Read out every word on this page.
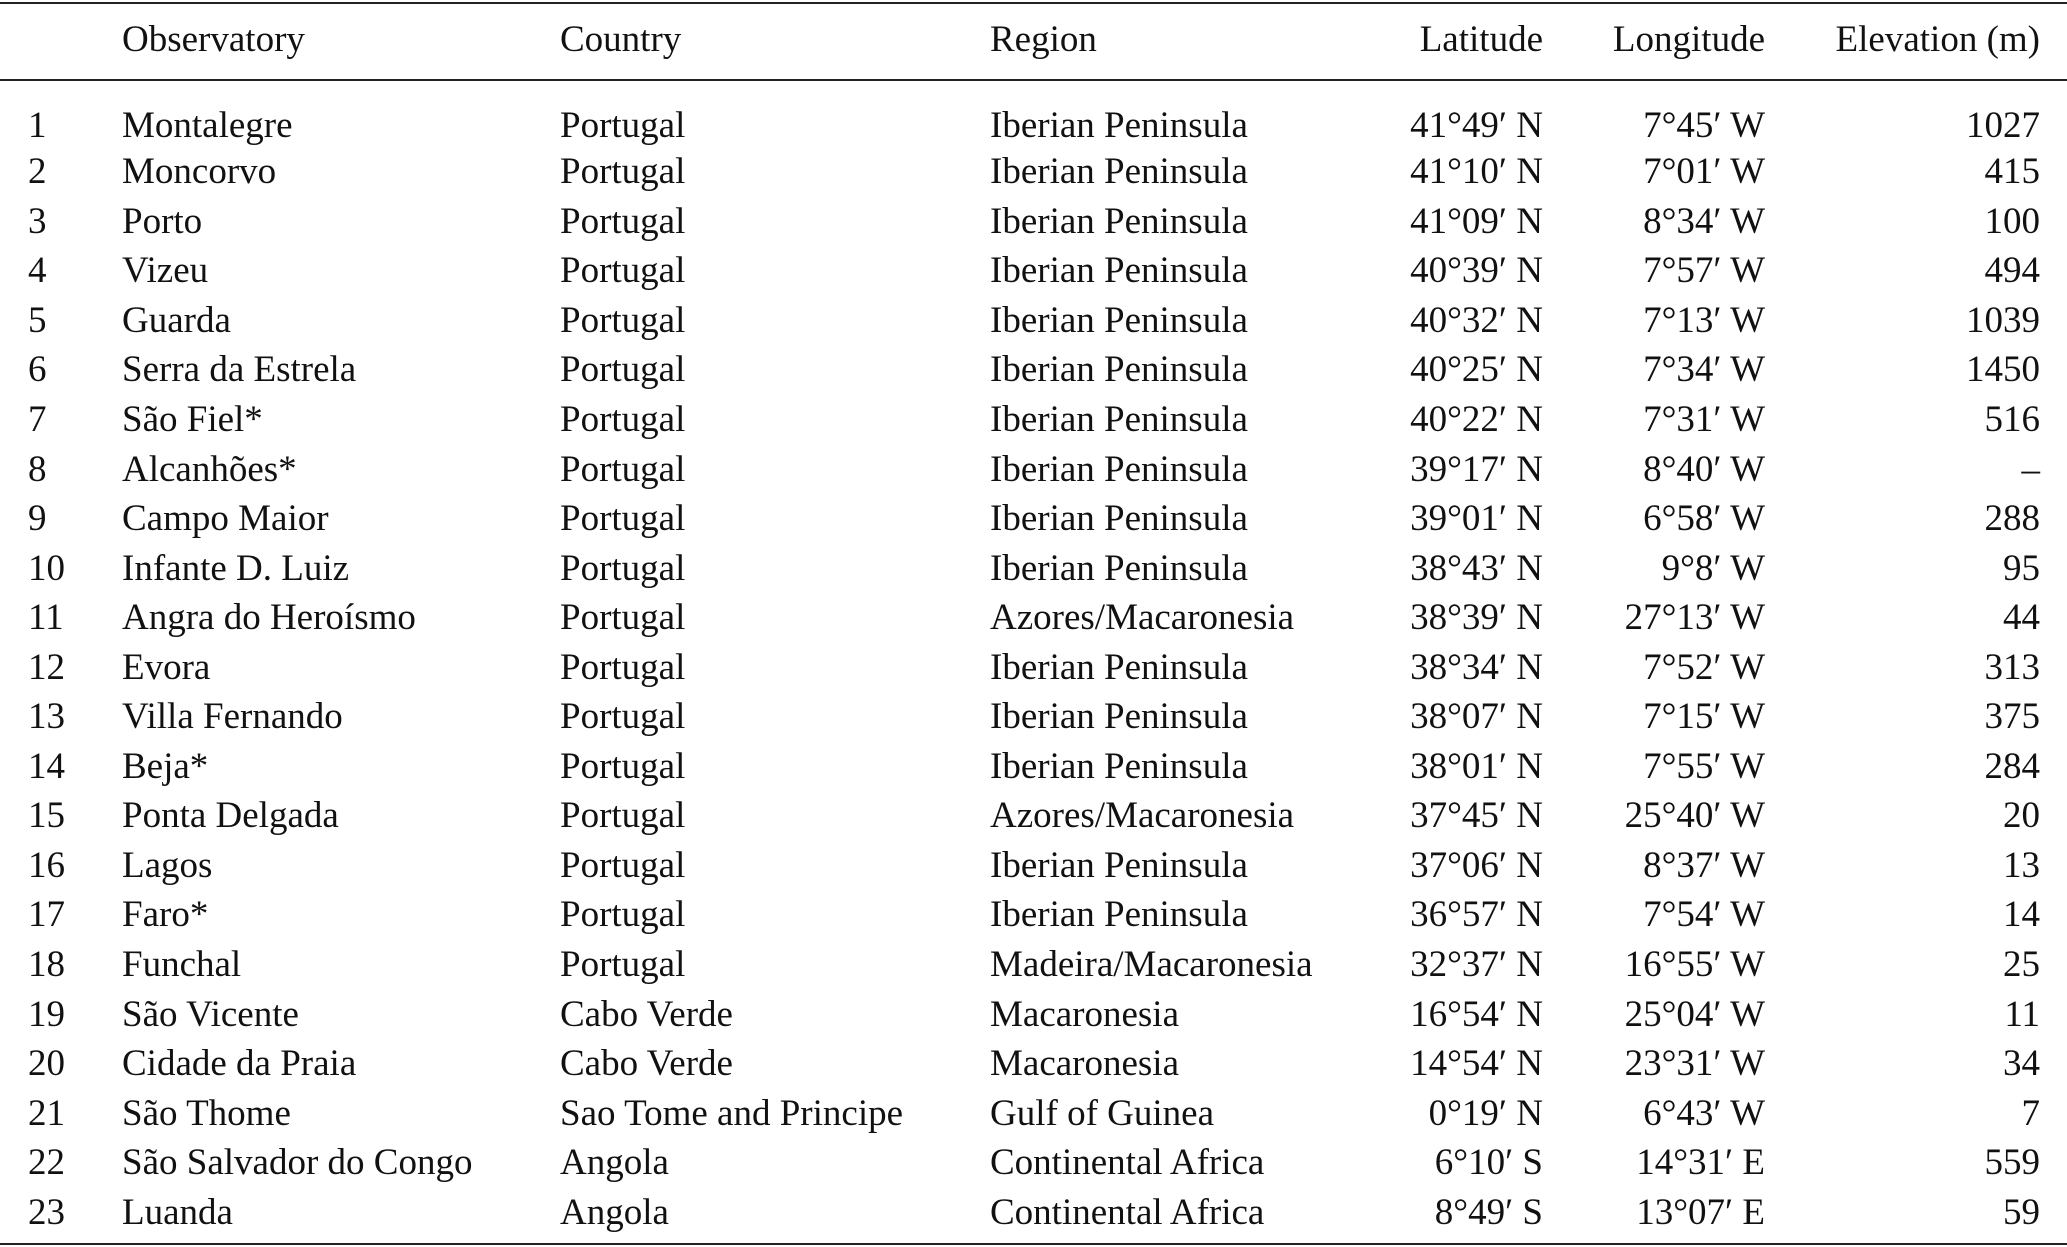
	Observatory	Country	Region	Latitude	Longitude	Elevation (m)
1	Montalegre	Portugal	Iberian Peninsula	41°49′ N	7°45′ W	1027
2	Moncorvo	Portugal	Iberian Peninsula	41°10′ N	7°01′ W	415
3	Porto	Portugal	Iberian Peninsula	41°09′ N	8°34′ W	100
4	Vizeu	Portugal	Iberian Peninsula	40°39′ N	7°57′ W	494
5	Guarda	Portugal	Iberian Peninsula	40°32′ N	7°13′ W	1039
6	Serra da Estrela	Portugal	Iberian Peninsula	40°25′ N	7°34′ W	1450
7	São Fiel*	Portugal	Iberian Peninsula	40°22′ N	7°31′ W	516
8	Alcanhões*	Portugal	Iberian Peninsula	39°17′ N	8°40′ W	–
9	Campo Maior	Portugal	Iberian Peninsula	39°01′ N	6°58′ W	288
10	Infante D. Luiz	Portugal	Iberian Peninsula	38°43′ N	9°8′ W	95
11	Angra do Heroísmo	Portugal	Azores/Macaronesia	38°39′ N	27°13′ W	44
12	Evora	Portugal	Iberian Peninsula	38°34′ N	7°52′ W	313
13	Villa Fernando	Portugal	Iberian Peninsula	38°07′ N	7°15′ W	375
14	Beja*	Portugal	Iberian Peninsula	38°01′ N	7°55′ W	284
15	Ponta Delgada	Portugal	Azores/Macaronesia	37°45′ N	25°40′ W	20
16	Lagos	Portugal	Iberian Peninsula	37°06′ N	8°37′ W	13
17	Faro*	Portugal	Iberian Peninsula	36°57′ N	7°54′ W	14
18	Funchal	Portugal	Madeira/Macaronesia	32°37′ N	16°55′ W	25
19	São Vicente	Cabo Verde	Macaronesia	16°54′ N	25°04′ W	11
20	Cidade da Praia	Cabo Verde	Macaronesia	14°54′ N	23°31′ W	34
21	São Thome	Sao Tome and Principe	Gulf of Guinea	0°19′ N	6°43′ W	7
22	São Salvador do Congo	Angola	Continental Africa	6°10′ S	14°31′ E	559
23	Luanda	Angola	Continental Africa	8°49′ S	13°07′ E	59
